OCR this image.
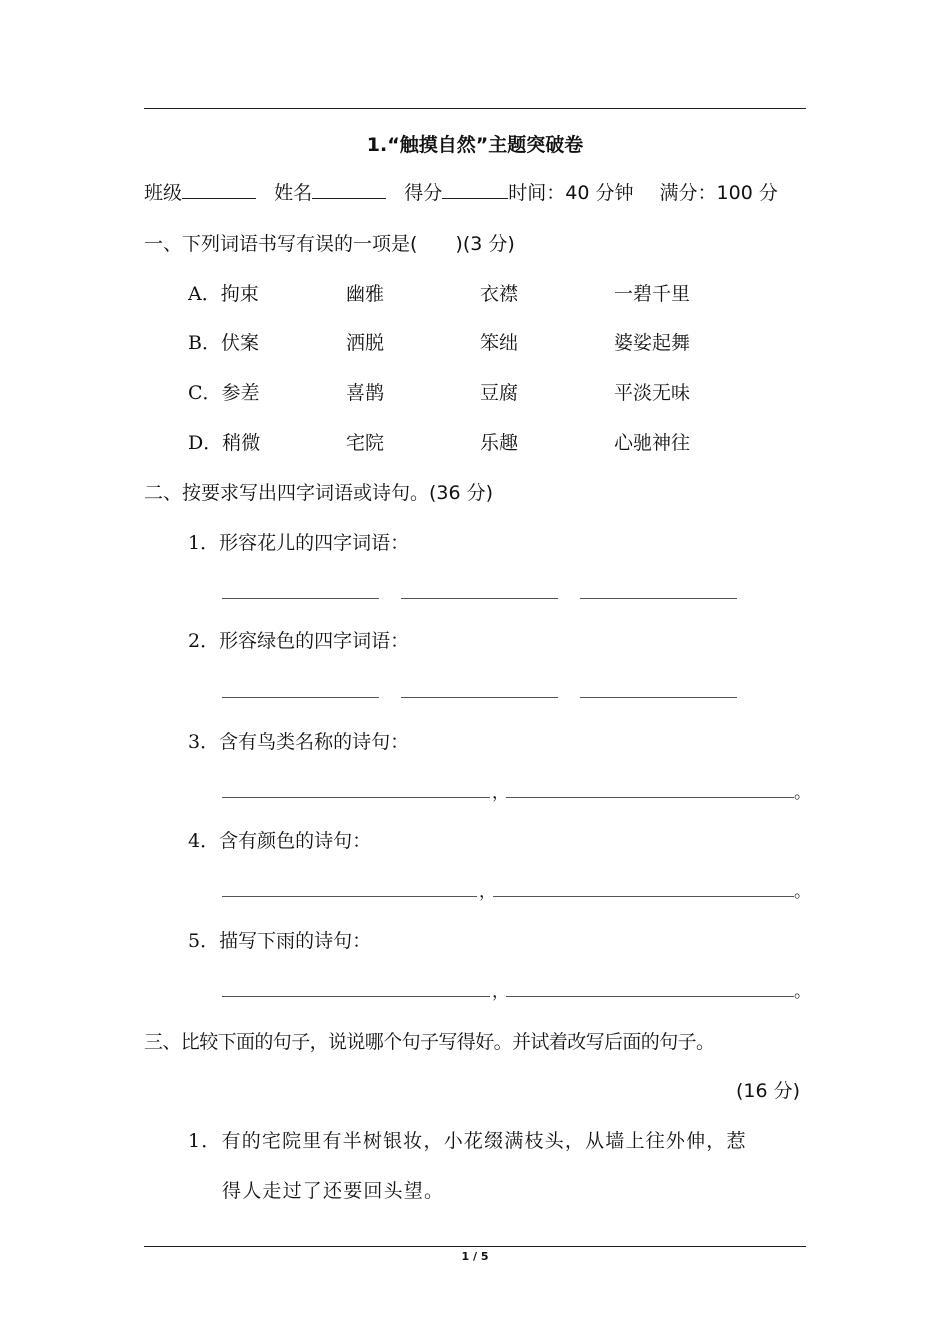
1.“触摸自然”主题突破卷
班级	姓名	得分	时间：40 分钟 满分：100 分
一、下列词语书写有误的一项是(　　)(3 分)
A．拘束	幽雅	衣襟	一碧千里
B．伏案	洒脱	笨绌	婆娑起舞
C．参差	喜鹊	豆腐	平淡无味
D．稍微	宅院	乐趣	心驰神往
二、按要求写出四字词语或诗句。(36 分)
1．形容花儿的四字词语：
2．形容绿色的四字词语：
3．含有鸟类名称的诗句：
，	。
4．含有颜色的诗句：
，	。
5．描写下雨的诗句：
，	。
三、比较下面的句子，说说哪个句子写得好。并试着改写后面的句子。
(16 分)
1．有的宅院里有半树银妆，小花缀满枝头，从墙上往外伸，惹
得人走过了还要回头望。
1 / 5
